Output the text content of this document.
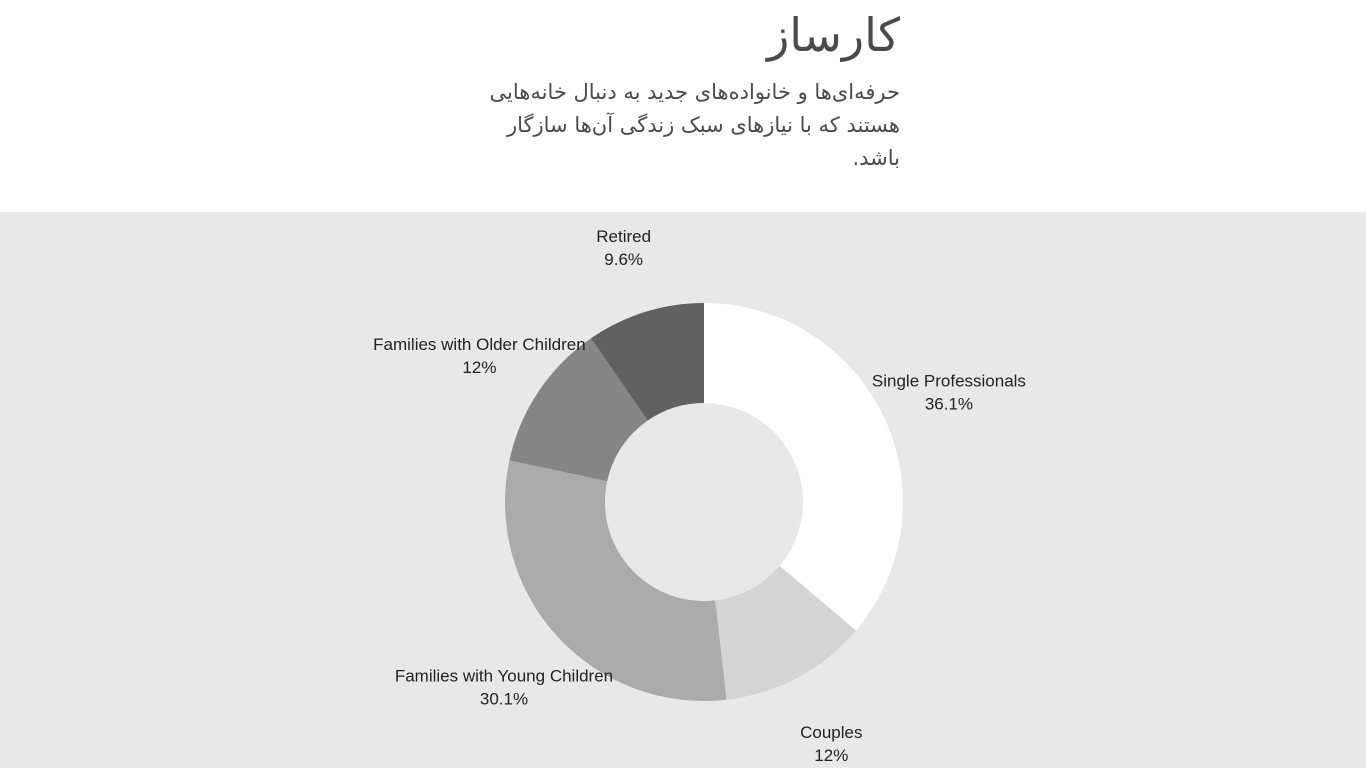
کارساز

حرفه‌ای‌ها و خانواده‌های جدید به دنبال خانه‌هایی هستند که با نیازهای سبک زندگی آن‌ها سازگار باشد.

Single Professionals
36.1%
Couples
12%
Families with Young Children
30.1%
Families with Older Children
12%
Retired
9.6%
